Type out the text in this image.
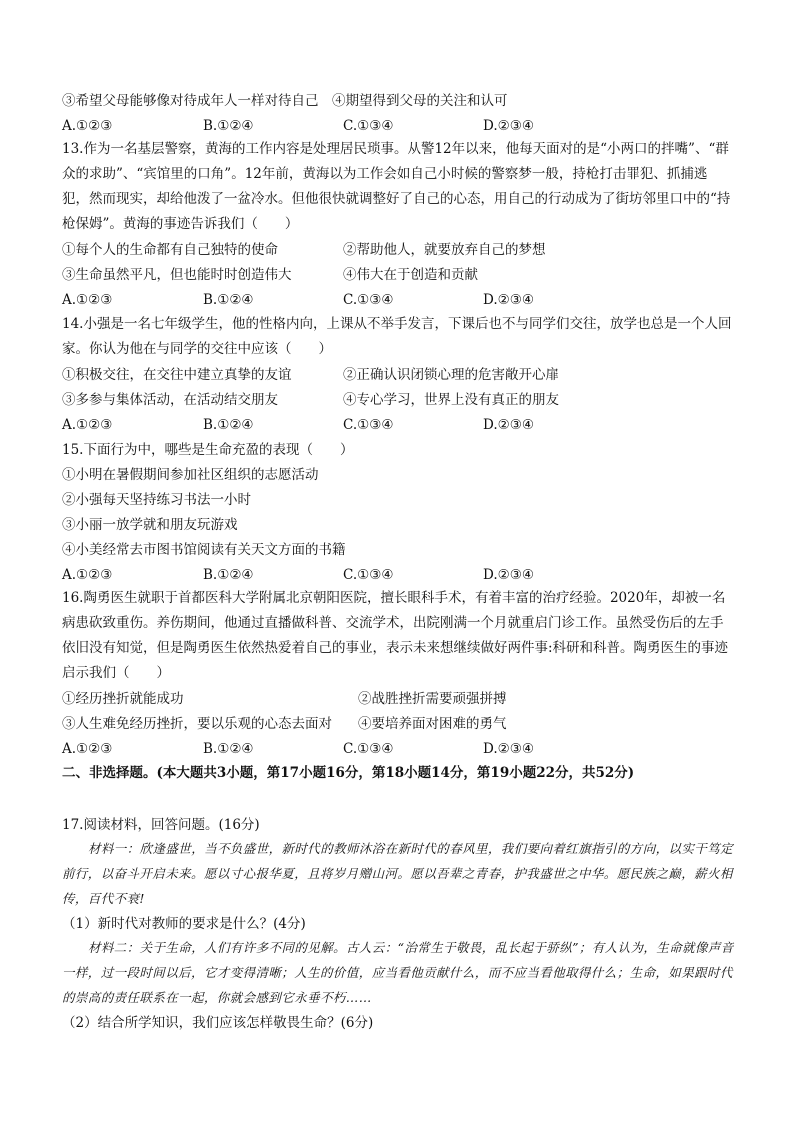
③希望父母能够像对待成年人一样对待自己　④期望得到父母的关注和认可
A.①②③	B.①②④	C.①③④	D.②③④
13.作为一名基层警察，黄海的工作内容是处理居民琐事。从警12年以来，他每天面对的是“小两口的拌嘴”、“群众的求助”、“宾馆里的口角”。12年前，黄海以为工作会如自己小时候的警察梦一般，持枪打击罪犯、抓捕逃犯，然而现实，却给他泼了一盆冷水。但他很快就调整好了自己的心态，用自己的行动成为了街坊邻里口中的“持枪保姆”。黄海的事迹告诉我们（　　）
①每个人的生命都有自己独特的使命	②帮助他人，就要放弃自己的梦想
③生命虽然平凡，但也能时时创造伟大	④伟大在于创造和贡献
A.①②③	B.①②④	C.①③④	D.②③④
14.小强是一名七年级学生，他的性格内向，上课从不举手发言，下课后也不与同学们交往，放学也总是一个人回家。你认为他在与同学的交往中应该（　　）
①积极交往，在交往中建立真挚的友谊	②正确认识闭锁心理的危害敞开心扉
③多参与集体活动，在活动结交朋友	④专心学习，世界上没有真正的朋友
A.①②③	B.①②④	C.①③④	D.②③④
15.下面行为中，哪些是生命充盈的表现（　　）
①小明在暑假期间参加社区组织的志愿活动
②小强每天坚持练习书法一小时
③小丽一放学就和朋友玩游戏
④小美经常去市图书馆阅读有关天文方面的书籍
A.①②③	B.①②④	C.①③④	D.②③④
16.陶勇医生就职于首都医科大学附属北京朝阳医院，擅长眼科手术，有着丰富的治疗经验。2020年，却被一名病患砍致重伤。养伤期间，他通过直播做科普、交流学术，出院刚满一个月就重启门诊工作。虽然受伤后的左手依旧没有知觉，但是陶勇医生依然热爱着自己的事业，表示未来想继续做好两件事:科研和科普。陶勇医生的事迹启示我们（　　）
①经历挫折就能成功	②战胜挫折需要顽强拼搏
③人生难免经历挫折，要以乐观的心态去面对 ④要培养面对困难的勇气
A.①②③	B.①②④	C.①③④	D.②③④
二、非选择题。(本大题共3小题，第17小题16分，第18小题14分，第19小题22分，共52分)
17.阅读材料，回答问题。(16分)
材料一：欣逢盛世，当不负盛世，新时代的教师沐浴在新时代的春风里，我们要向着红旗指引的方向，以实干笃定前行，以奋斗开启未来。愿以寸心报华夏，且将岁月赠山河。愿以吾辈之青春，护我盛世之中华。愿民族之巅，薪火相传，百代不衰!
（1）新时代对教师的要求是什么？(4分)
材料二：关于生命，人们有许多不同的见解。古人云：“治常生于敬畏，乱长起于骄纵”；有人认为，生命就像声音一样，过一段时间以后，它才变得清晰；人生的价值，应当看他贡献什么，而不应当看他取得什么；生命，如果跟时代的崇高的责任联系在一起，你就会感到它永垂不朽……
（2）结合所学知识，我们应该怎样敬畏生命？(6分)
